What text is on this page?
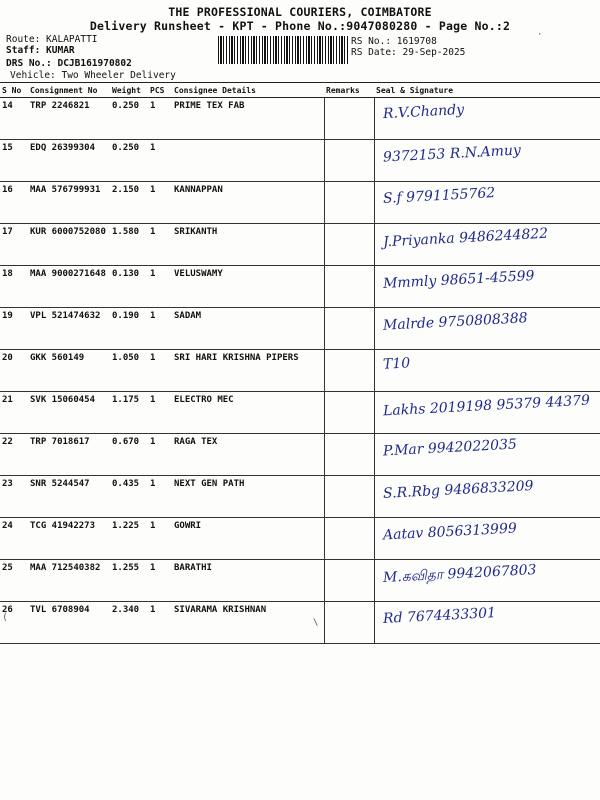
THE PROFESSIONAL COURIERS, COIMBATORE
Delivery Runsheet - KPT - Phone No.:9047080280 - Page No.:2
Route: KALAPATTI
Staff: KUMAR
DRS No.: DCJB161970802
Vehicle: Two Wheeler Delivery
RS No.: 1619708
RS Date: 29-Sep-2025
·
S No	Consignment No	Weight	PCS	Consignee Details	Remarks	Seal & Signature
14	TRP 2246821	0.250	1	PRIME TEX FAB		R.V.Chandy

15	EDQ 26399304	0.250	1			9372153 R.N.Amuy

16	MAA 576799931	2.150	1	KANNAPPAN		S.f 9791155762

17	KUR 6000752080	1.580	1	SRIKANTH		J.Priyanka 9486244822

18	MAA 9000271648	0.130	1	VELUSWAMY		Mmmly 98651-45599

19	VPL 521474632	0.190	1	SADAM		Malrde 9750808388

20	GKK 560149	1.050	1	SRI HARI KRISHNA PIPERS		T10

21	SVK 15060454	1.175	1	ELECTRO MEC		Lakhs 2019198 95379 44379

22	TRP 7018617	0.670	1	RAGA TEX		P.Mar 9942022035

23	SNR 5244547	0.435	1	NEXT GEN PATH		S.R.Rbg 9486833209

24	TCG 41942273	1.225	1	GOWRI		Aatav 8056313999

25	MAA 712540382	1.255	1	BARATHI		M.கவிதா 9942067803

26	TVL 6708904	2.340	1	SIVARAMA KRISHNAN		Rd 7674433301
(	\
